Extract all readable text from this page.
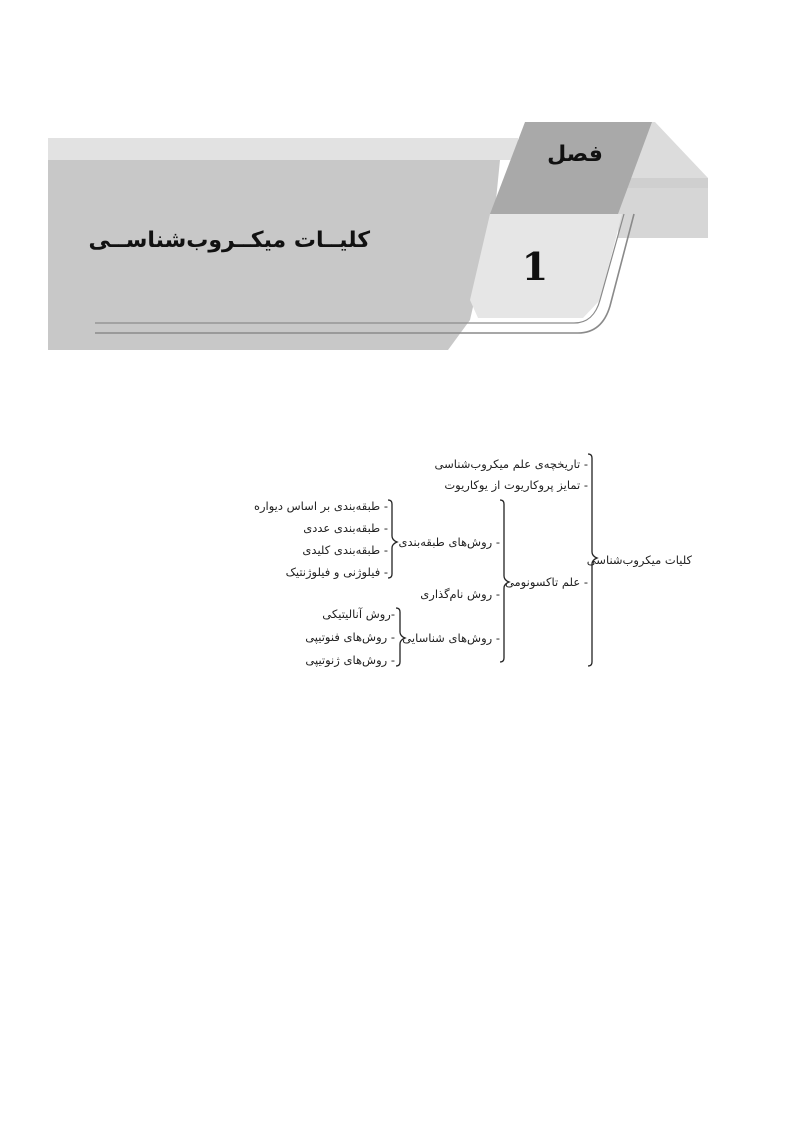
فصل
1
کلیــات میکــروب‌شناســی
کلیات میکروب‌شناسی
- تاریخچه‌ی علم میکروب‌شناسی
- تمایز پروکاریوت از یوکاریوت
- علم تاکسونومی
- روش‌های طبقه‌بندی
- طبقه‌بندی بر اساس دیواره
- طبقه‌بندی عددی
- طبقه‌بندی کلیدی
- فیلوژنی و فیلوژنتیک
- روش نام‌گذاری
- روش‌های شناسایی
-روش آنالیتیکی
- روش‌های فنوتیپی
- روش‌های ژنوتیپی
